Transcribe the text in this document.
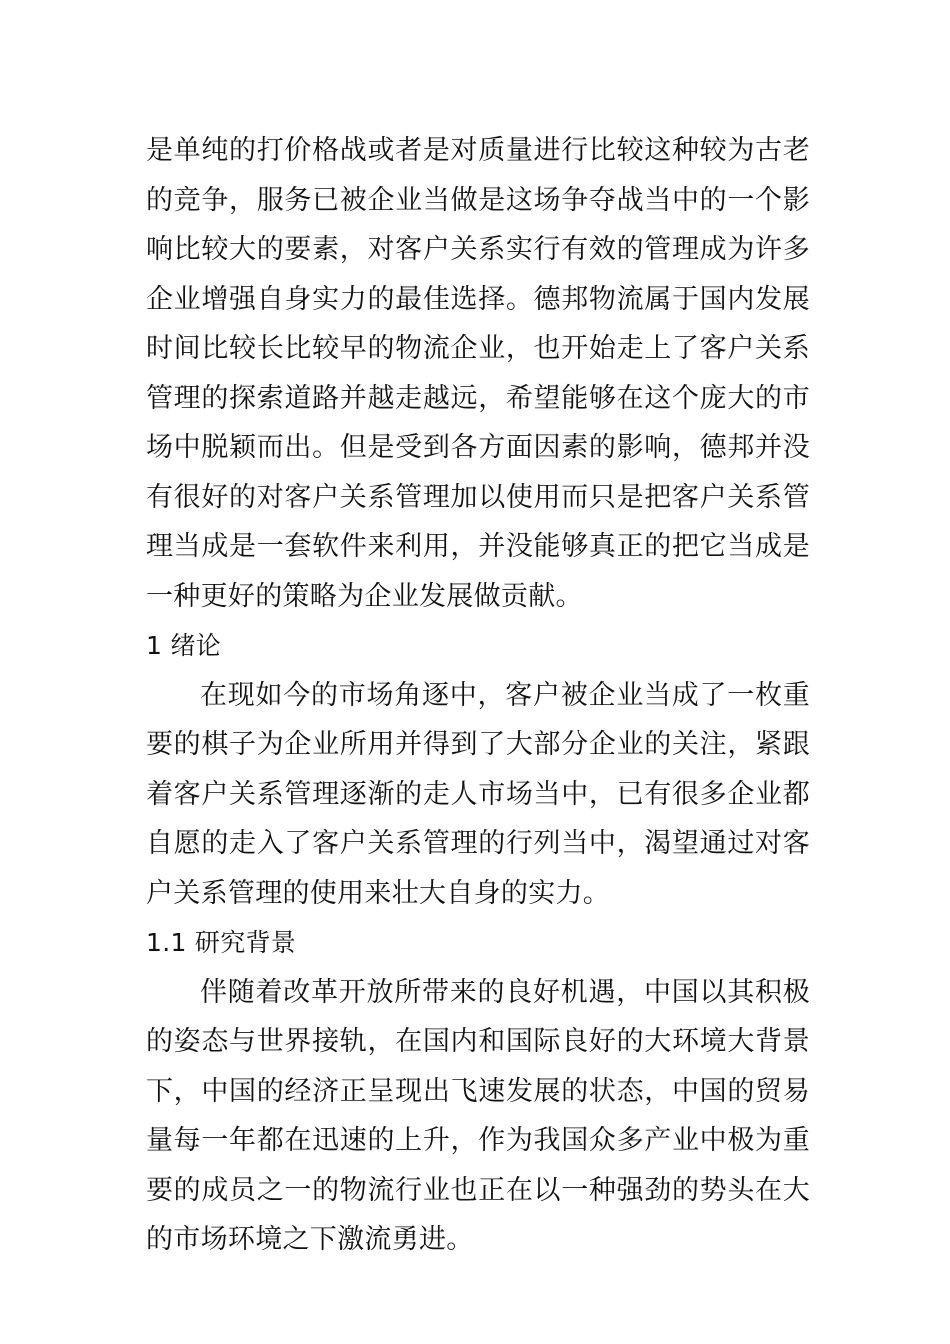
是单纯的打价格战或者是对质量进行比较这种较为古老的竞争，服务已被企业当做是这场争夺战当中的一个影响比较大的要素，对客户关系实行有效的管理成为许多企业增强自身实力的最佳选择。德邦物流属于国内发展时间比较长比较早的物流企业，也开始走上了客户关系管理的探索道路并越走越远，希望能够在这个庞大的市场中脱颖而出。但是受到各方面因素的影响，德邦并没有很好的对客户关系管理加以使用而只是把客户关系管理当成是一套软件来利用，并没能够真正的把它当成是一种更好的策略为企业发展做贡献。

1 绪论

在现如今的市场角逐中，客户被企业当成了一枚重要的棋子为企业所用并得到了大部分企业的关注，紧跟着客户关系管理逐渐的走人市场当中，已有很多企业都自愿的走入了客户关系管理的行列当中，渴望通过对客户关系管理的使用来壮大自身的实力。

1.1 研究背景

伴随着改革开放所带来的良好机遇，中国以其积极的姿态与世界接轨，在国内和国际良好的大环境大背景下，中国的经济正呈现出飞速发展的状态，中国的贸易量每一年都在迅速的上升，作为我国众多产业中极为重要的成员之一的物流行业也正在以一种强劲的势头在大的市场环境之下激流勇进。
